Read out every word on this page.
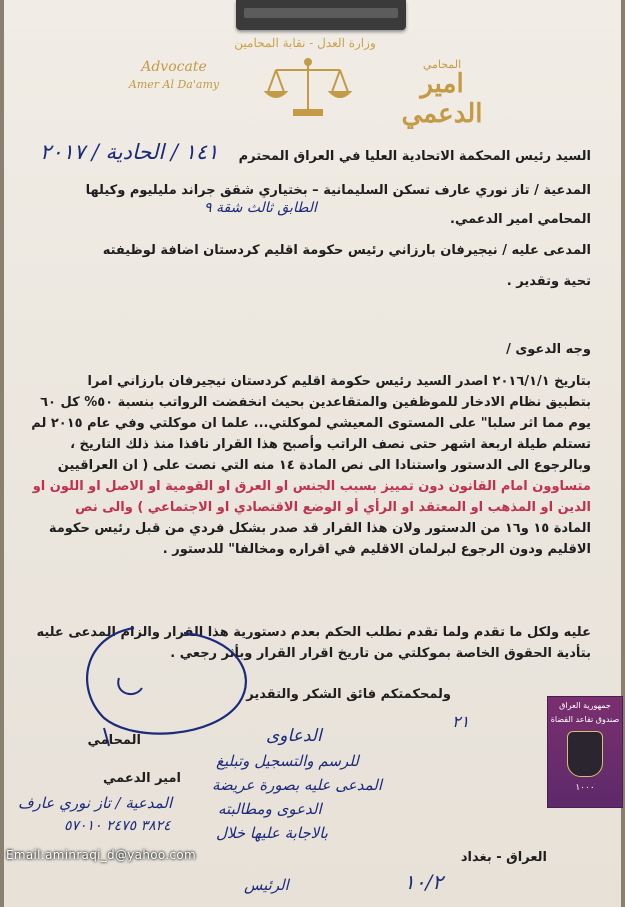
وزارة العدل - نقابة المحامين
Advocate
Amer Al Da'amy
المحامي
امير الدعمي
١٤١ / الحادية / ٢٠١٧	السيد رئيس المحكمة الاتحادية العليا في العراق المحترم
المدعية / تاز نوري عارف تسكن السليمانية – بختياري شقق جراند مليليوم وكيلها
الطابق ثالث شقة ٩
المحامي امير الدعمي.
المدعى عليه / نيجيرفان بارزاني رئيس حكومة اقليم كردستان اضافة لوظيفته
تحية وتقدير .
وجه الدعوى /
بتاريخ ٢٠١٦/١/١ اصدر السيد رئيس حكومة اقليم كردستان نيجيرفان بارزاني امرا
بتطبيق نظام الادخار للموظفين والمتقاعدين بحيث انخفضت الرواتب بنسبة ٥٠% كل ٦٠
يوم مما اثر سلبا" على المستوى المعيشي لموكلتي... علما ان موكلتي وفي عام ٢٠١٥ لم
تستلم طيلة اربعة اشهر حتى نصف الراتب وأصبح هذا القرار نافذا منذ ذلك التاريخ ،
وبالرجوع الى الدستور واستنادا الى نص المادة ١٤ منه التي نصت على ( ان العراقيين
متساوون امام القانون دون تمييز بسبب الجنس او العرق او القومية او الاصل او اللون او
الدين او المذهب او المعتقد او الرأي أو الوضع الاقتصادي او الاجتماعي ) والى نص
المادة ١٥ و١٦ من الدستور ولان هذا القرار قد صدر بشكل فردي من قبل رئيس حكومة
الاقليم ودون الرجوع لبرلمان الاقليم في اقراره ومخالفا" للدستور .
عليه ولكل ما تقدم ولما تقدم نطلب الحكم بعدم دستورية هذا القرار والزام المدعى عليه
بتأدية الحقوق الخاصة بموكلتي من تاريخ اقرار القرار وبأثر رجعي .
ولمحكمتكم فائق الشكر والتقدير
المحامي
امير الدعمي
الدعاوى
للرسم والتسجيل وتبليغ
المدعى عليه بصورة عريضة
الدعوى ومطالبته
بالاجابة عليها خلال
٢١
المدعية / تاز نوري عارف
٣٨٢٤ ٢٤٧٥ ٥٧٠١٠
الرئيس	١٠/٢
العراق - بغداد
جمهورية العراق
صندوق تقاعد القضاة
١٠٠٠
Email:aminraqi_d@yahoo.com
